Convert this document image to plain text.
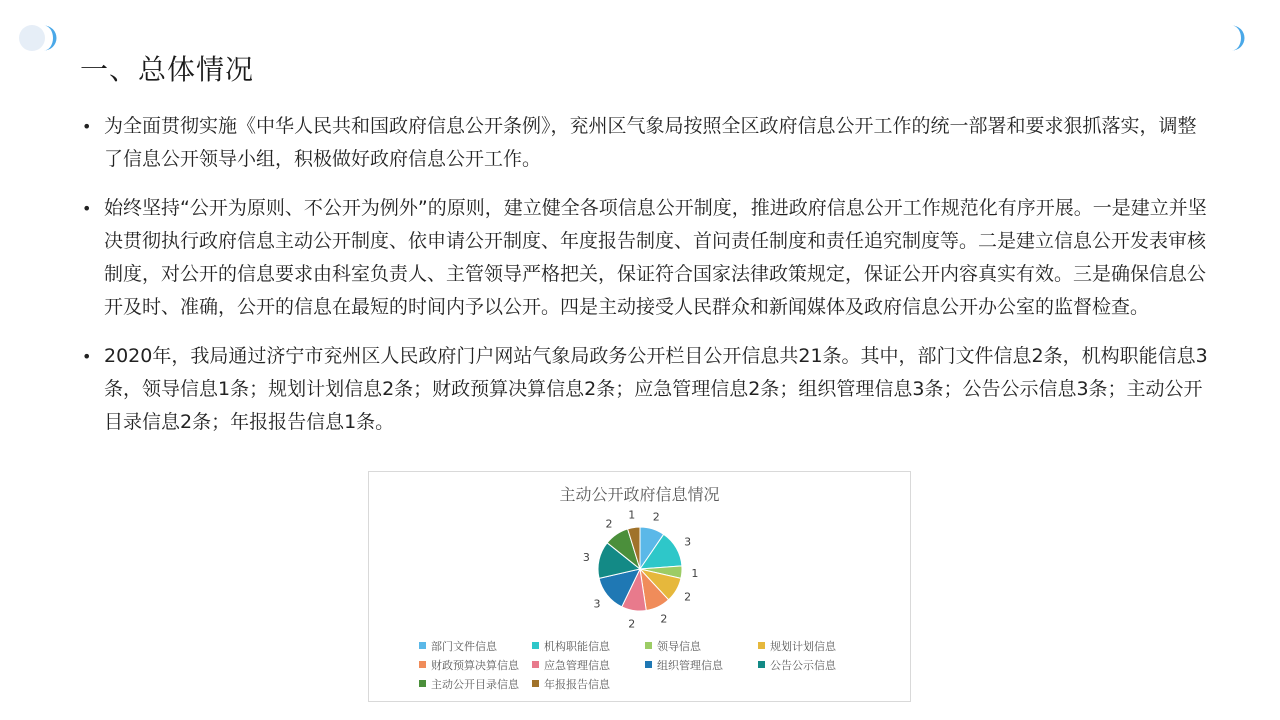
一、总体情况
• 为全面贯彻实施《中华人民共和国政府信息公开条例》，兖州区气象局按照全区政府信息公开工作的统一部署和要求狠抓落实，调整了信息公开领导小组，积极做好政府信息公开工作。
• 始终坚持“公开为原则、不公开为例外”的原则，建立健全各项信息公开制度，推进政府信息公开工作规范化有序开展。一是建立并坚决贯彻执行政府信息主动公开制度、依申请公开制度、年度报告制度、首问责任制度和责任追究制度等。二是建立信息公开发表审核制度，对公开的信息要求由科室负责人、主管领导严格把关，保证符合国家法律政策规定，保证公开内容真实有效。三是确保信息公开及时、准确，公开的信息在最短的时间内予以公开。四是主动接受人民群众和新闻媒体及政府信息公开办公室的监督检查。
• 2020年，我局通过济宁市兖州区人民政府门户网站气象局政务公开栏目公开信息共21条。其中，部门文件信息2条，机构职能信息3条，领导信息1条；规划计划信息2条；财政预算决算信息2条；应急管理信息2条；组织管理信息3条；公告公示信息3条；主动公开目录信息2条；年报报告信息1条。
主动公开政府信息情况
2
3
1
2
2
2
3
3
2
1
部门文件信息	机构职能信息	领导信息	规划计划信息
财政预算决算信息	应急管理信息	组织管理信息	公告公示信息
主动公开目录信息	年报报告信息
